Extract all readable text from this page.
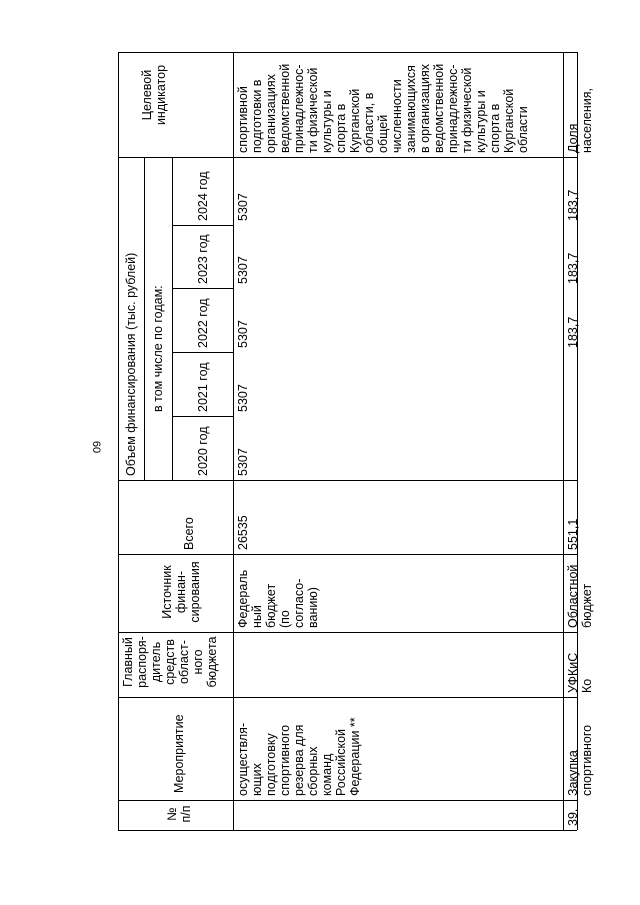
60
Целевой
индикатор
Объем финансирования (тыс. рублей) в том числе по годам:
2020 год
2021 год
2022 год
2023 год
2024 год
Всего
Источник
финан-
сирования
Главный
распоря-
дитель
средств
област-
ного
бюджета
Мероприятие
№
п/п
спортивной
подготовки в
организациях
ведомственной
принадлежнос-
ти физической
культуры и
спорта в
Курганской
области, в
общей
численности
занимающихся
в организациях
ведомственной
принадлежнос-
ти физической
культуры и
спорта в
Курганской
области
5307
5307
5307
5307
5307
26535
Федераль
ный
бюджет
(по
согласо-
ванию)
осуществля-
ющих
подготовку
спортивного
резерва для
сборных
команд
Российской
Федерации **
Доля
населения,
183,7
183,7
183,7
551,1
Областной
бюджет
УФКиС
Ко
Закупка
спортивного
39.
